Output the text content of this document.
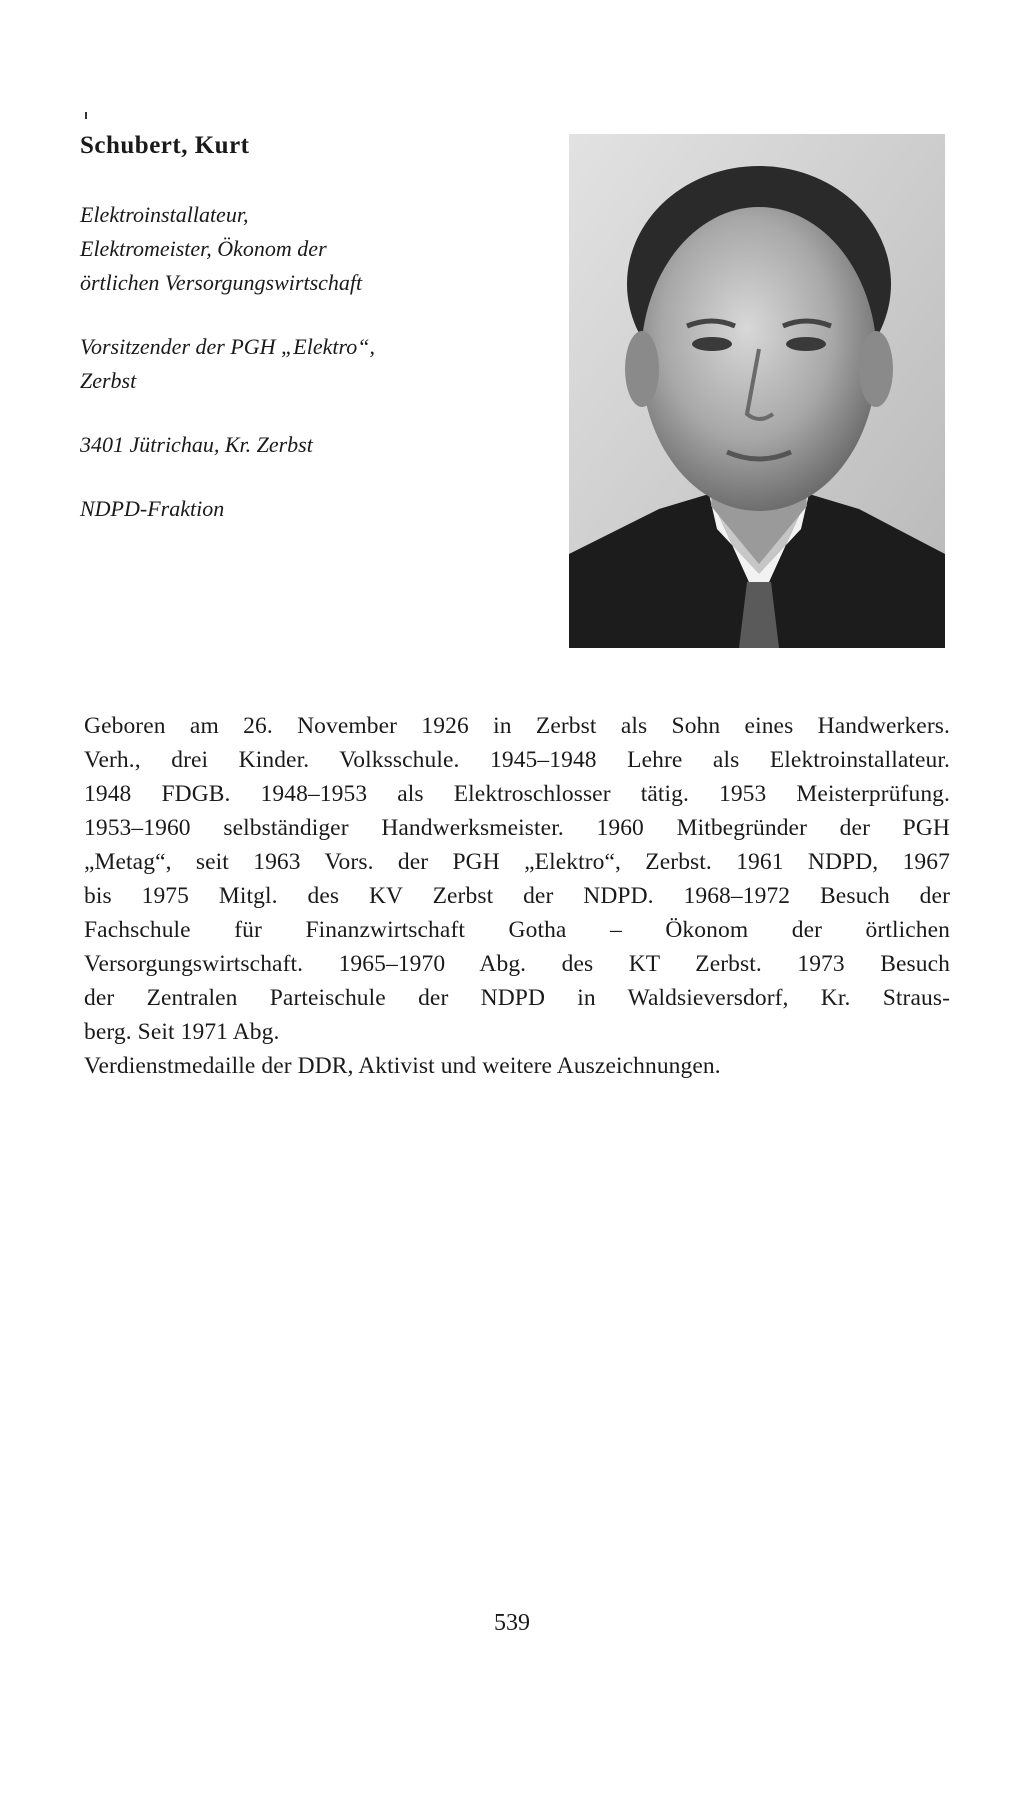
Schubert, Kurt
Elektroinstallateur,
Elektromeister, Ökonom der
örtlichen Versorgungswirtschaft
Vorsitzender der PGH „Elektro“,
Zerbst
3401 Jütrichau, Kr. Zerbst
NDPD-Fraktion
Geboren am 26. November 1926 in Zerbst als Sohn eines Handwerkers.
Verh., drei Kinder. Volksschule. 1945–1948 Lehre als Elektroinstallateur.
1948 FDGB. 1948–1953 als Elektroschlosser tätig. 1953 Meisterprüfung.
1953–1960 selbständiger Handwerksmeister. 1960 Mitbegründer der PGH
„Metag“, seit 1963 Vors. der PGH „Elektro“, Zerbst. 1961 NDPD, 1967
bis 1975 Mitgl. des KV Zerbst der NDPD. 1968–1972 Besuch der
Fachschule für Finanzwirtschaft Gotha – Ökonom der örtlichen
Versorgungswirtschaft. 1965–1970 Abg. des KT Zerbst. 1973 Besuch
der Zentralen Parteischule der NDPD in Waldsieversdorf, Kr. Straus-
berg. Seit 1971 Abg.
Verdienstmedaille der DDR, Aktivist und weitere Auszeichnungen.
539
